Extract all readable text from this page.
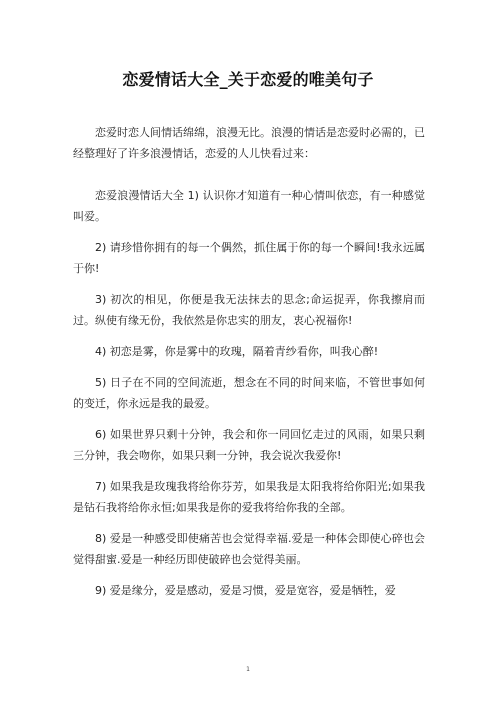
恋爱情话大全_关于恋爱的唯美句子

恋爱时恋人间情话绵绵，浪漫无比。浪漫的情话是恋爱时必需的，已经整理好了许多浪漫情话，恋爱的人儿快看过来：

恋爱浪漫情话大全 1) 认识你才知道有一种心情叫依恋，有一种感觉叫爱。

2) 请珍惜你拥有的每一个偶然，抓住属于你的每一个瞬间!我永远属于你!

3) 初次的相见，你便是我无法抹去的思念;命运捉弄，你我擦肩而过。纵使有缘无份，我依然是你忠实的朋友，衷心祝福你!

4) 初恋是雾，你是雾中的玫瑰，隔着青纱看你，叫我心醉!

5) 日子在不同的空间流逝，想念在不同的时间来临，不管世事如何的变迁，你永远是我的最爱。

6) 如果世界只剩十分钟，我会和你一同回忆走过的风雨，如果只剩三分钟，我会吻你，如果只剩一分钟，我会说次我爱你!

7) 如果我是玫瑰我将给你芬芳，如果我是太阳我将给你阳光;如果我是钻石我将给你永恒;如果我是你的爱我将给你我的全部。

8) 爱是一种感受即使痛苦也会觉得幸福.爱是一种体会即使心碎也会觉得甜蜜.爱是一种经历即使破碎也会觉得美丽。

9) 爱是缘分，爱是感动，爱是习惯，爱是宽容，爱是牺牲，爱

1
